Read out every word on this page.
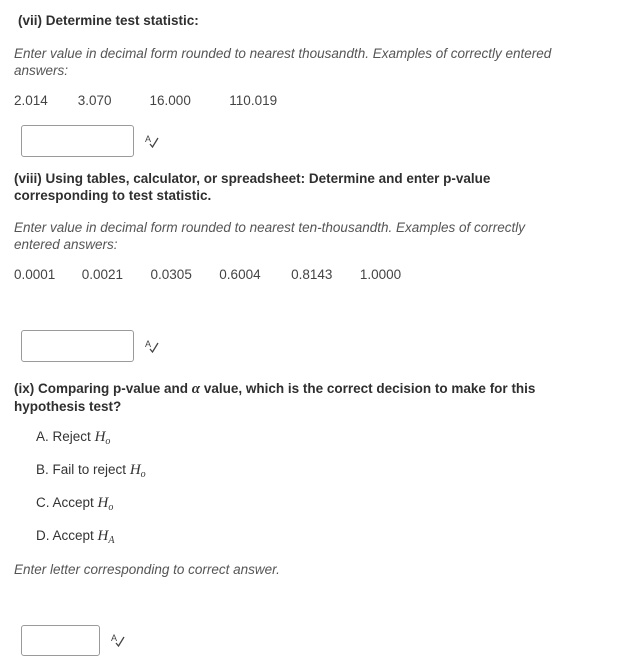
(vii) Determine test statistic:
Enter value in decimal form rounded to nearest thousandth. Examples of correctly entered answers:
2.014 3.070	16.000	110.019
A
(viii) Using tables, calculator, or spreadsheet: Determine and enter p-value corresponding to test statistic.
Enter value in decimal form rounded to nearest ten-thousandth. Examples of correctly entered answers:
0.0001 0.0021 0.0305 0.6004 0.8143 1.0000
A
(ix) Comparing p-value and α value, which is the correct decision to make for this hypothesis test?
A. Reject $H_o$
B. Fail to reject $H_o$
C. Accept $H_o$
D. Accept $H_A$
Enter letter corresponding to correct answer.
A
